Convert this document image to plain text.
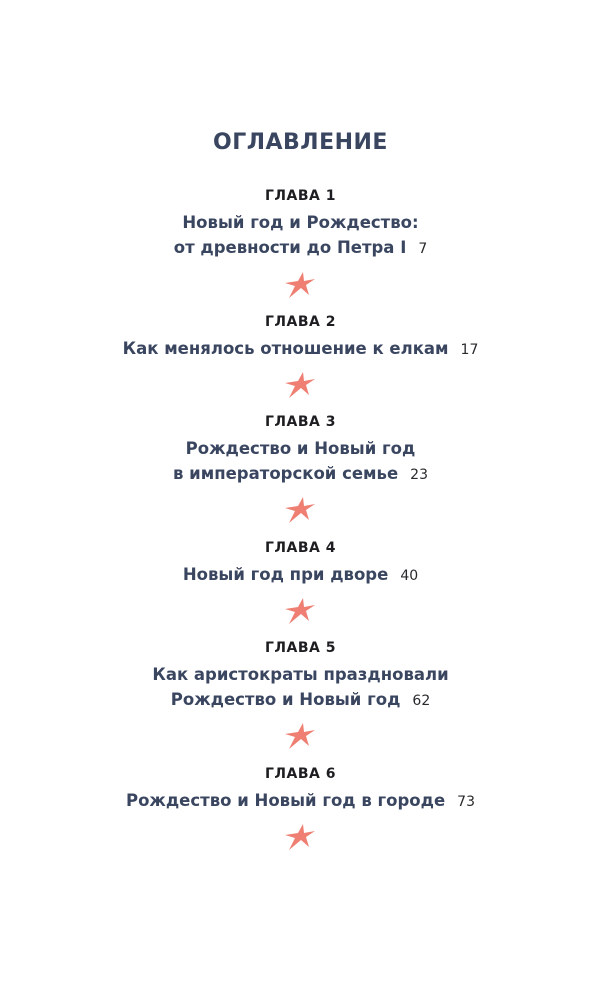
ОГЛАВЛЕНИЕ
ГЛАВА 1
Новый год и Рождество:
от древности до Петра I 7
ГЛАВА 2
Как менялось отношение к елкам 17
ГЛАВА 3
Рождество и Новый год
в императорской семье 23
ГЛАВА 4
Новый год при дворе 40
ГЛАВА 5
Как аристократы праздновали
Рождество и Новый год 62
ГЛАВА 6
Рождество и Новый год в городе 73
